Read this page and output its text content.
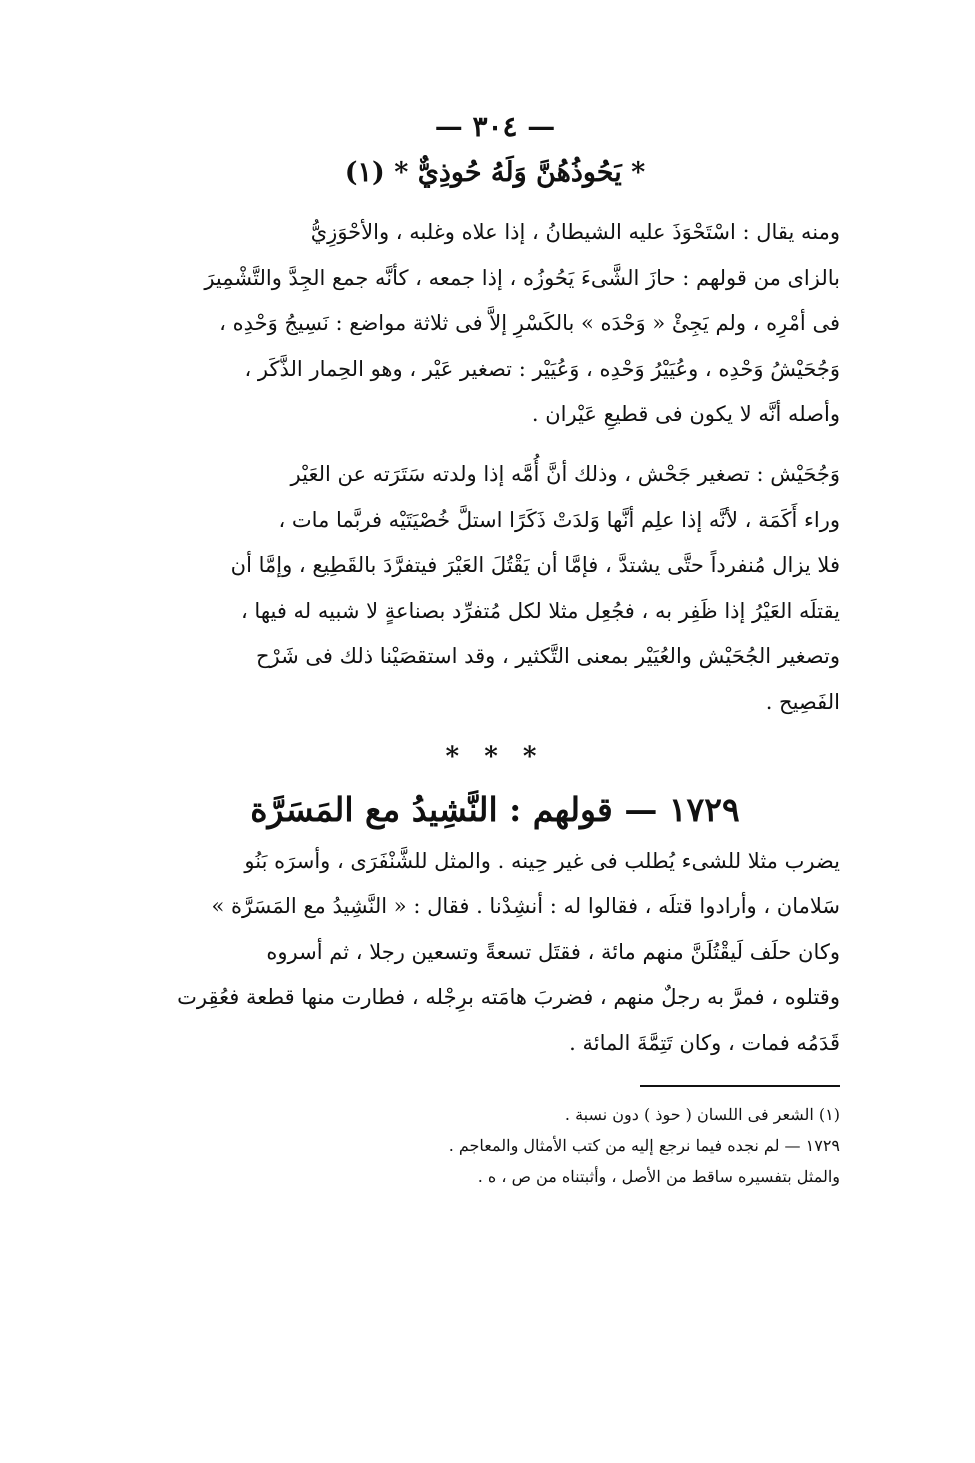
— ٣٠٤ —
* يَحُوذُهُنَّ وَلَهُ حُوذِيٌّ * (١)

ومنه يقال : اسْتَحْوَذَ عليه الشيطانُ ، إذا علاه وغلبه ، والأحْوَزِيُّ

بالزاى من قولهم : حازَ الشَّىءَ يَحُوزُه ، إذا جمعه ، كأنَّه جمع الجِدَّ والتَّشْمِيرَ

فى أمْرِه ، ولم يَجِئْ « وَحْدَه » بالكَسْرِ إلاَّ فى ثلاثة مواضع : نَسِيجُ وَحْدِه ،

وَجُحَيْشُ وَحْدِه ، وعُيَيْرُ وَحْدِه ، وَعُيَيْر : تصغير عَيْر ، وهو الحِمار الذَّكَر ،

وأصله أنَّه لا يكون فى قطيعِ عَيْران .

وَجُحَيْش : تصغير جَحْش ، وذلك أنَّ أُمَّه إذا ولدته سَتَرَته عن العَيْر

وراء أَكَمَة ، لأنَّه إذا علِم أنَّها وَلدَتْ ذَكَرًا استلَّ خُصْيَتَيْه فربَّما مات ،

فلا يزال مُنفرداً حتَّى يشتدَّ ، فإمَّا أن يَقْتُلَ العَيْرَ فيتفرَّدَ بالقَطِيع ، وإمَّا أن

يقتلَه العَيْرُ إذا ظَفِر به ، فجُعِل مثلا لكل مُتفرِّد بصناعةٍ لا شبيه له فيها ،

وتصغير الجُحَيْش والعُيَيْر بمعنى التَّكثير ، وقد استقصَيْنا ذلك فى شَرْح

الفَصِيح .

* * *
١٧٢٩ — قولهم : النَّشِيدُ مع المَسَرَّة

يضرب مثلا للشىء يُطلب فى غير حِينه . والمثل للشَّنْفَرَى ، وأسرَه بَنُو

سَلامان ، وأرادوا قتلَه ، فقالوا له : أنشِدْنا . فقال : « النَّشِيدُ مع المَسَرَّة »

وكان حلَف لَيقْتُلَنَّ منهم مائة ، فقتَل تسعةً وتسعين رجلا ، ثم أسروه

وقتلوه ، فمرَّ به رجلٌ منهم ، فضربَ هامَته برِجْله ، فطارت منها قطعة فعُقِرت

قَدَمُه فمات ، وكان تَتِمَّةَ المائة .

(١) الشعر فى اللسان ( حوذ ) دون نسبة .

١٧٢٩ — لم نجده فيما نرجع إليه من كتب الأمثال والمعاجم .

والمثل بتفسيره ساقط من الأصل ، وأثبتناه من ص ، ه .
